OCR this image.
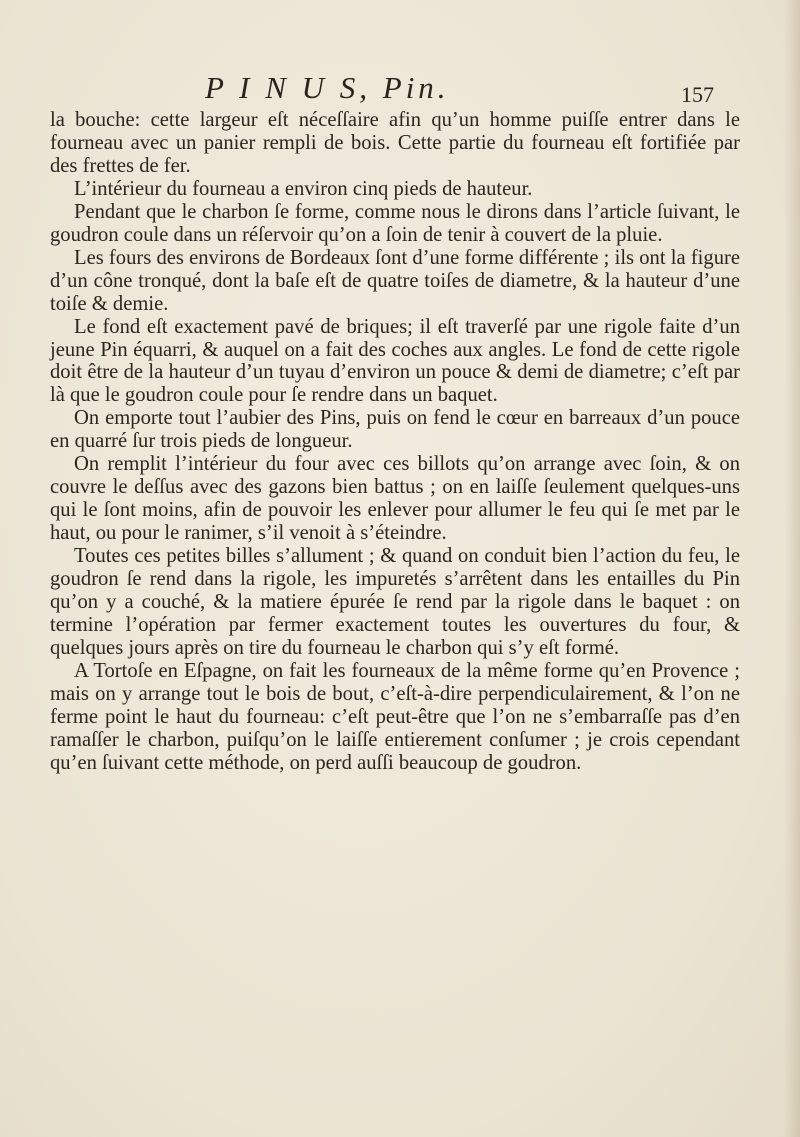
P I N U S, Pin.	157

la bouche: cette largeur eſt néceſſaire afin qu’un homme puiſſe entrer dans le fourneau avec un panier rempli de bois. Cette partie du fourneau eſt fortifiée par des frettes de fer.

L’intérieur du fourneau a environ cinq pieds de hauteur.

Pendant que le charbon ſe forme, comme nous le dirons dans l’article ſuivant, le goudron coule dans un réſervoir qu’on a ſoin de tenir à couvert de la pluie.

Les fours des environs de Bordeaux ſont d’une forme différente ; ils ont la figure d’un cône tronqué, dont la baſe eſt de quatre toiſes de diametre, & la hauteur d’une toiſe & demie.

Le fond eſt exactement pavé de briques; il eſt traverſé par une rigole faite d’un jeune Pin équarri, & auquel on a fait des coches aux angles. Le fond de cette rigole doit être de la hauteur d’un tuyau d’environ un pouce & demi de diametre; c’eſt par là que le goudron coule pour ſe rendre dans un baquet.

On emporte tout l’aubier des Pins, puis on fend le cœur en barreaux d’un pouce en quarré ſur trois pieds de longueur.

On remplit l’intérieur du four avec ces billots qu’on arrange avec ſoin, & on couvre le deſſus avec des gazons bien battus ; on en laiſſe ſeulement quelques-uns qui le ſont moins, afin de pouvoir les enlever pour allumer le feu qui ſe met par le haut, ou pour le ranimer, s’il venoit à s’éteindre.

Toutes ces petites billes s’allument ; & quand on conduit bien l’action du feu, le goudron ſe rend dans la rigole, les impuretés s’arrêtent dans les entailles du Pin qu’on y a couché, & la matiere épurée ſe rend par la rigole dans le baquet : on termine l’opération par fermer exactement toutes les ouvertures du four, & quelques jours après on tire du fourneau le charbon qui s’y eſt formé.

A Tortoſe en Eſpagne, on fait les fourneaux de la même forme qu’en Provence ; mais on y arrange tout le bois de bout, c’eſt-à-dire perpendiculairement, & l’on ne ferme point le haut du fourneau: c’eſt peut-être que l’on ne s’embarraſſe pas d’en ramaſſer le charbon, puiſqu’on le laiſſe entierement conſumer ; je crois cependant qu’en ſuivant cette méthode, on perd auſſi beaucoup de goudron.
